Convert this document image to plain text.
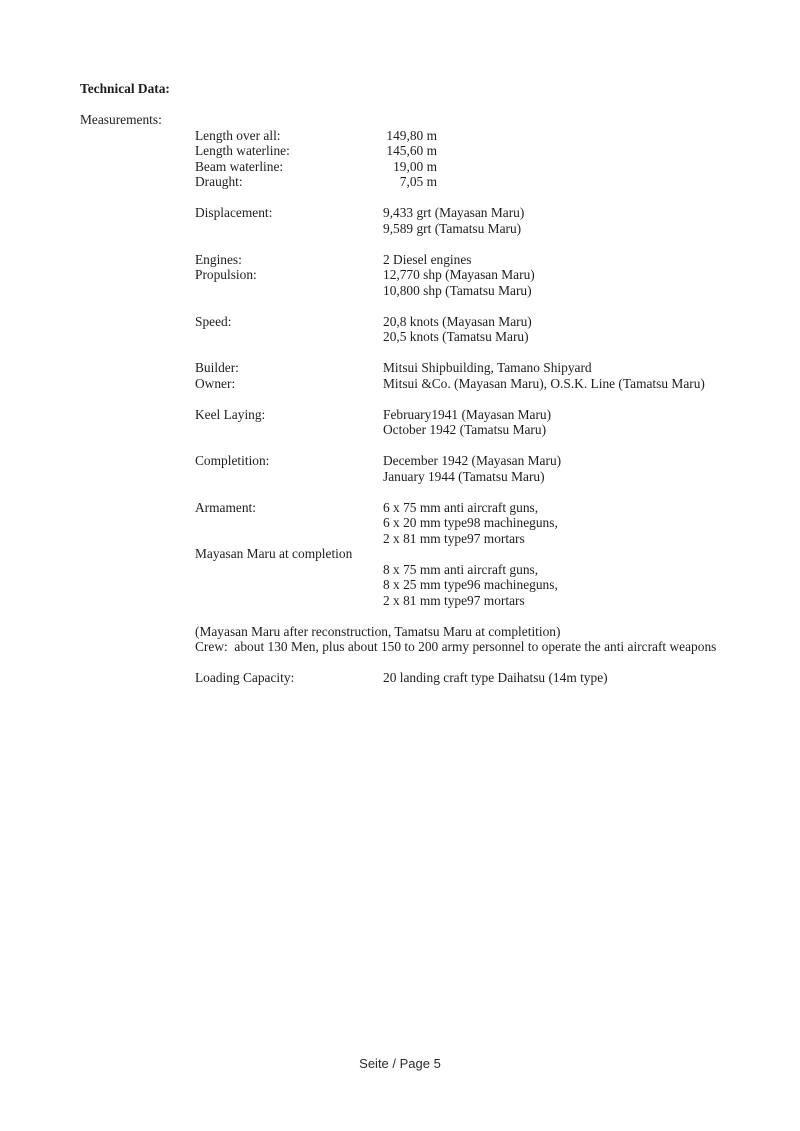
Technical Data:
Measurements:
Length over all:	149,80 m
Length waterline:	145,60 m
Beam waterline:	19,00 m
Draught:	7,05 m
Displacement:	9,433 grt (Mayasan Maru)
9,589 grt (Tamatsu Maru)
Engines:	2 Diesel engines
Propulsion:	12,770 shp (Mayasan Maru)
10,800 shp (Tamatsu Maru)
Speed:	20,8 knots (Mayasan Maru)
20,5 knots (Tamatsu Maru)
Builder:	Mitsui Shipbuilding, Tamano Shipyard
Owner:	Mitsui &Co. (Mayasan Maru), O.S.K. Line (Tamatsu Maru)
Keel Laying:	February1941 (Mayasan Maru)
October 1942 (Tamatsu Maru)
Completition:	December 1942 (Mayasan Maru)
January 1944 (Tamatsu Maru)
Armament:	6 x 75 mm anti aircraft guns,
6 x 20 mm type98 machineguns,
2 x 81 mm type97 mortars
Mayasan Maru at completion
8 x 75 mm anti aircraft guns,
8 x 25 mm type96 machineguns,
2 x 81 mm type97 mortars
(Mayasan Maru after reconstruction, Tamatsu Maru at completition)
Crew:  about 130 Men, plus about 150 to 200 army personnel to operate the anti aircraft weapons
Loading Capacity:	20 landing craft type Daihatsu (14m type)
Seite / Page 5
